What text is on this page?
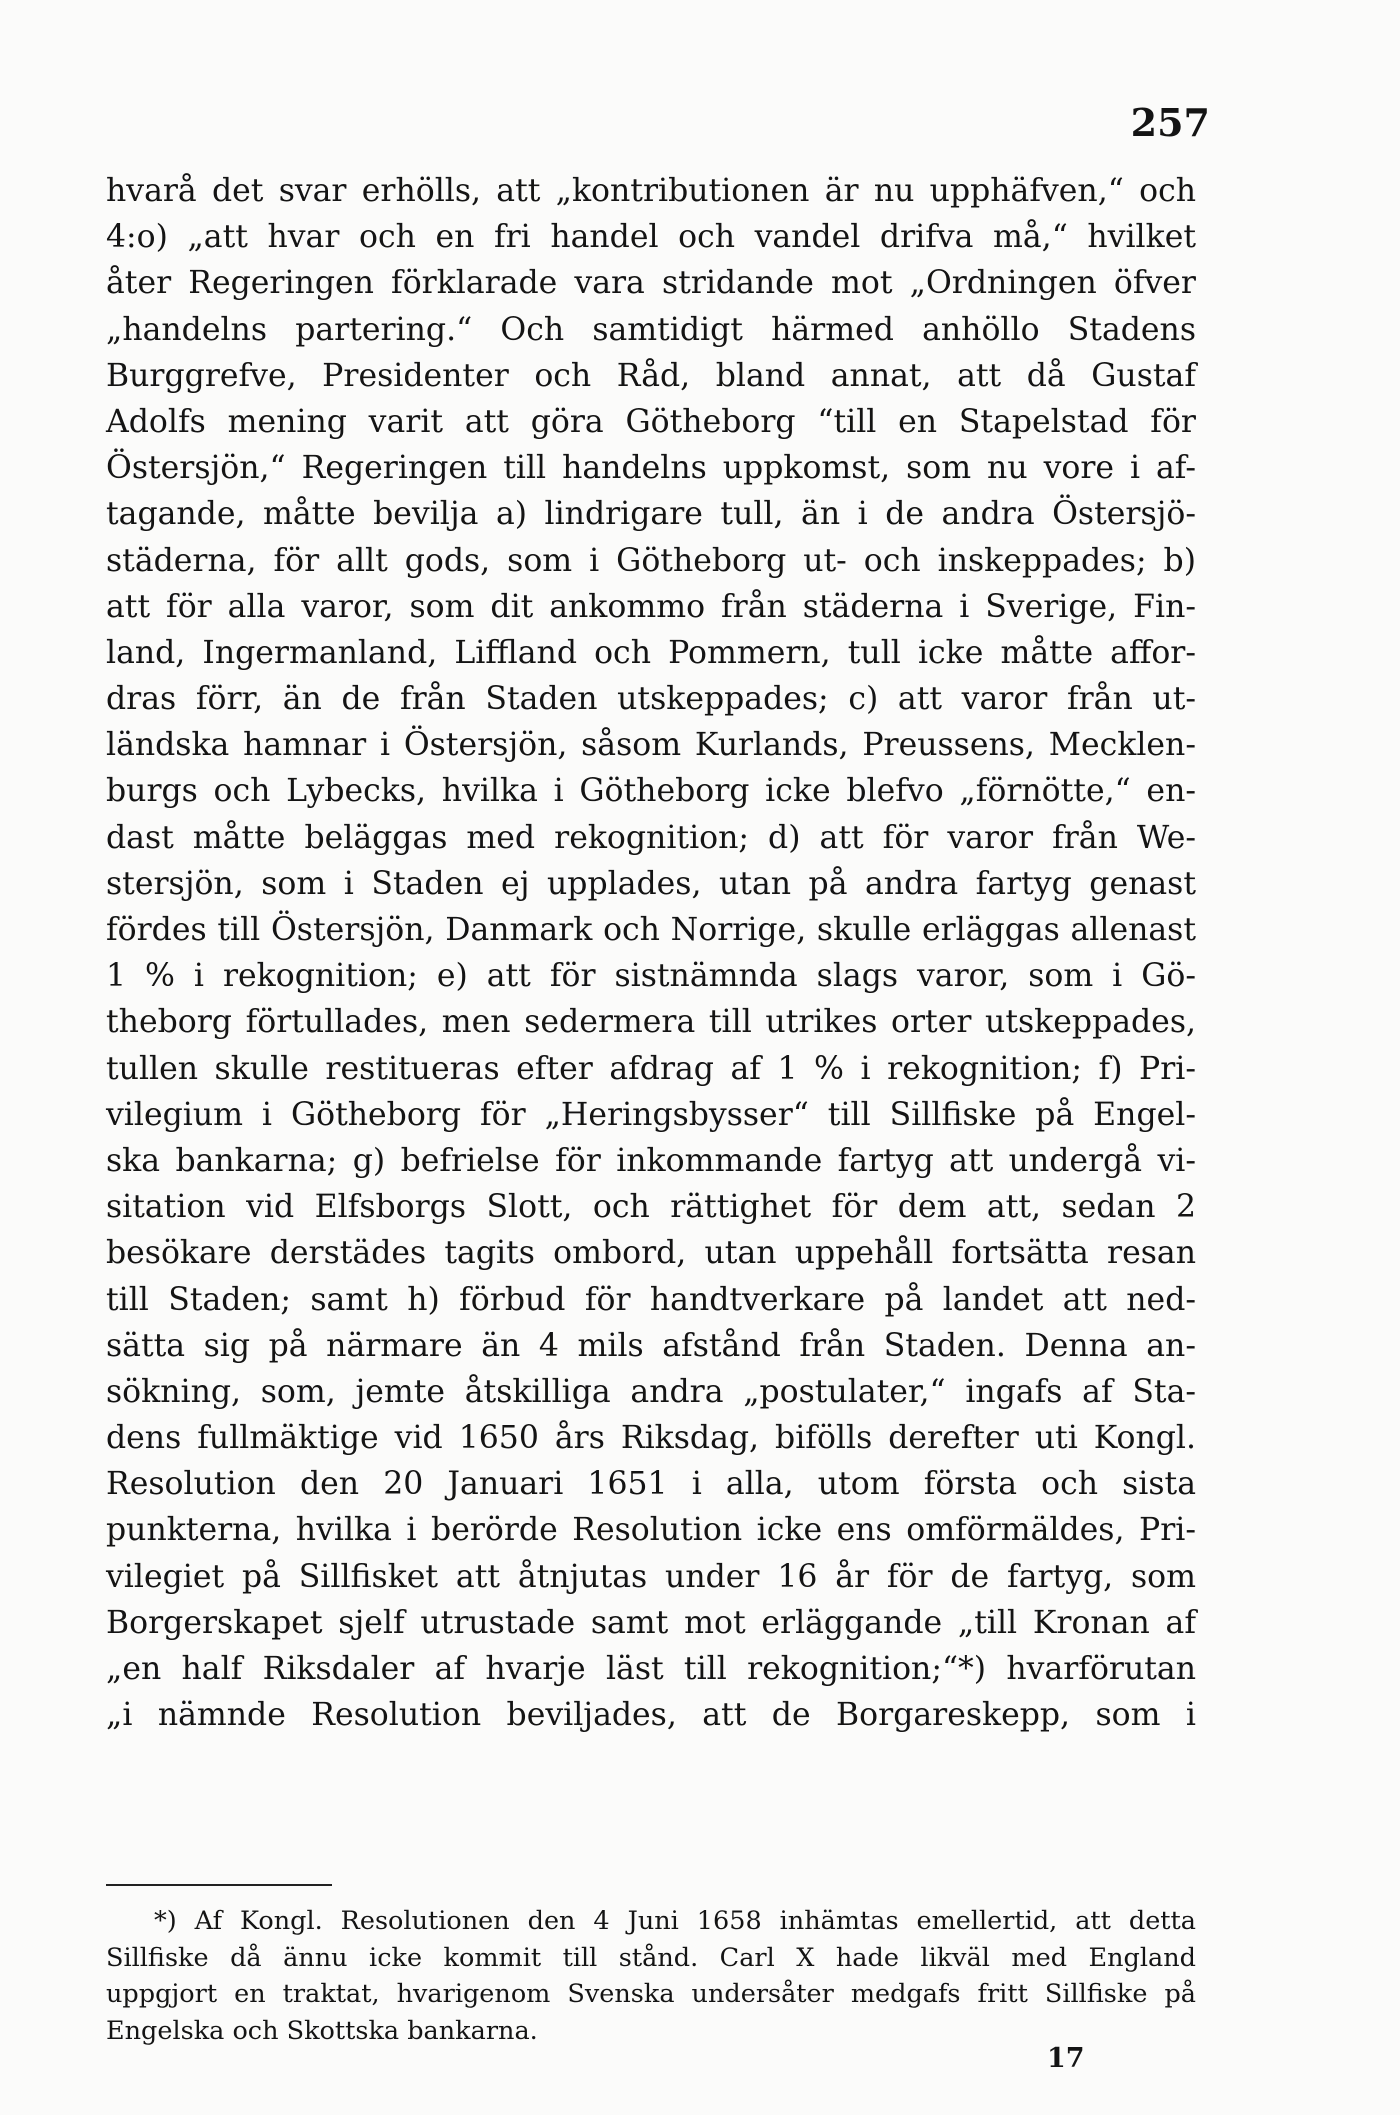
257
hvarå det svar erhölls, att „kontributionen är nu upphäfven,“ och
4:o) „att hvar och en fri handel och vandel drifva må,“ hvilket
åter Regeringen förklarade vara stridande mot „Ordningen öfver
„handelns partering.“ Och samtidigt härmed anhöllo Stadens
Burggrefve, Presidenter och Råd, bland annat, att då Gustaf
Adolfs mening varit att göra Götheborg “till en Stapelstad för
Östersjön,“ Regeringen till handelns uppkomst, som nu vore i af-
tagande, måtte bevilja a) lindrigare tull, än i de andra Östersjö-
städerna, för allt gods, som i Götheborg ut- och inskeppades; b)
att för alla varor, som dit ankommo från städerna i Sverige, Fin-
land, Ingermanland, Liffland och Pommern, tull icke måtte affor-
dras förr, än de från Staden utskeppades; c) att varor från ut-
ländska hamnar i Östersjön, såsom Kurlands, Preussens, Mecklen-
burgs och Lybecks, hvilka i Götheborg icke blefvo „förnötte,“ en-
dast måtte beläggas med rekognition; d) att för varor från We-
stersjön, som i Staden ej upplades, utan på andra fartyg genast
fördes till Östersjön, Danmark och Norrige, skulle erläggas allenast
1 % i rekognition; e) att för sistnämnda slags varor, som i Gö-
theborg förtullades, men sedermera till utrikes orter utskeppades,
tullen skulle restitueras efter afdrag af 1 % i rekognition; f) Pri-
vilegium i Götheborg för „Heringsbysser“ till Sillfiske på Engel-
ska bankarna; g) befrielse för inkommande fartyg att undergå vi-
sitation vid Elfsborgs Slott, och rättighet för dem att, sedan 2
besökare derstädes tagits ombord, utan uppehåll fortsätta resan
till Staden; samt h) förbud för handtverkare på landet att ned-
sätta sig på närmare än 4 mils afstånd från Staden. Denna an-
sökning, som, jemte åtskilliga andra „postulater,“ ingafs af Sta-
dens fullmäktige vid 1650 års Riksdag, bifölls derefter uti Kongl.
Resolution den 20 Januari 1651 i alla, utom första och sista
punkterna, hvilka i berörde Resolution icke ens omförmäldes, Pri-
vilegiet på Sillfisket att åtnjutas under 16 år för de fartyg, som
Borgerskapet sjelf utrustade samt mot erläggande „till Kronan af
„en half Riksdaler af hvarje läst till rekognition;“*) hvarförutan
„i nämnde Resolution beviljades, att de Borgareskepp, som i
*) Af Kongl. Resolutionen den 4 Juni 1658 inhämtas emellertid, att detta
Sillfiske då ännu icke kommit till stånd. Carl X hade likväl med England
uppgjort en traktat, hvarigenom Svenska undersåter medgafs fritt Sillfiske på
Engelska och Skottska bankarna.
17
